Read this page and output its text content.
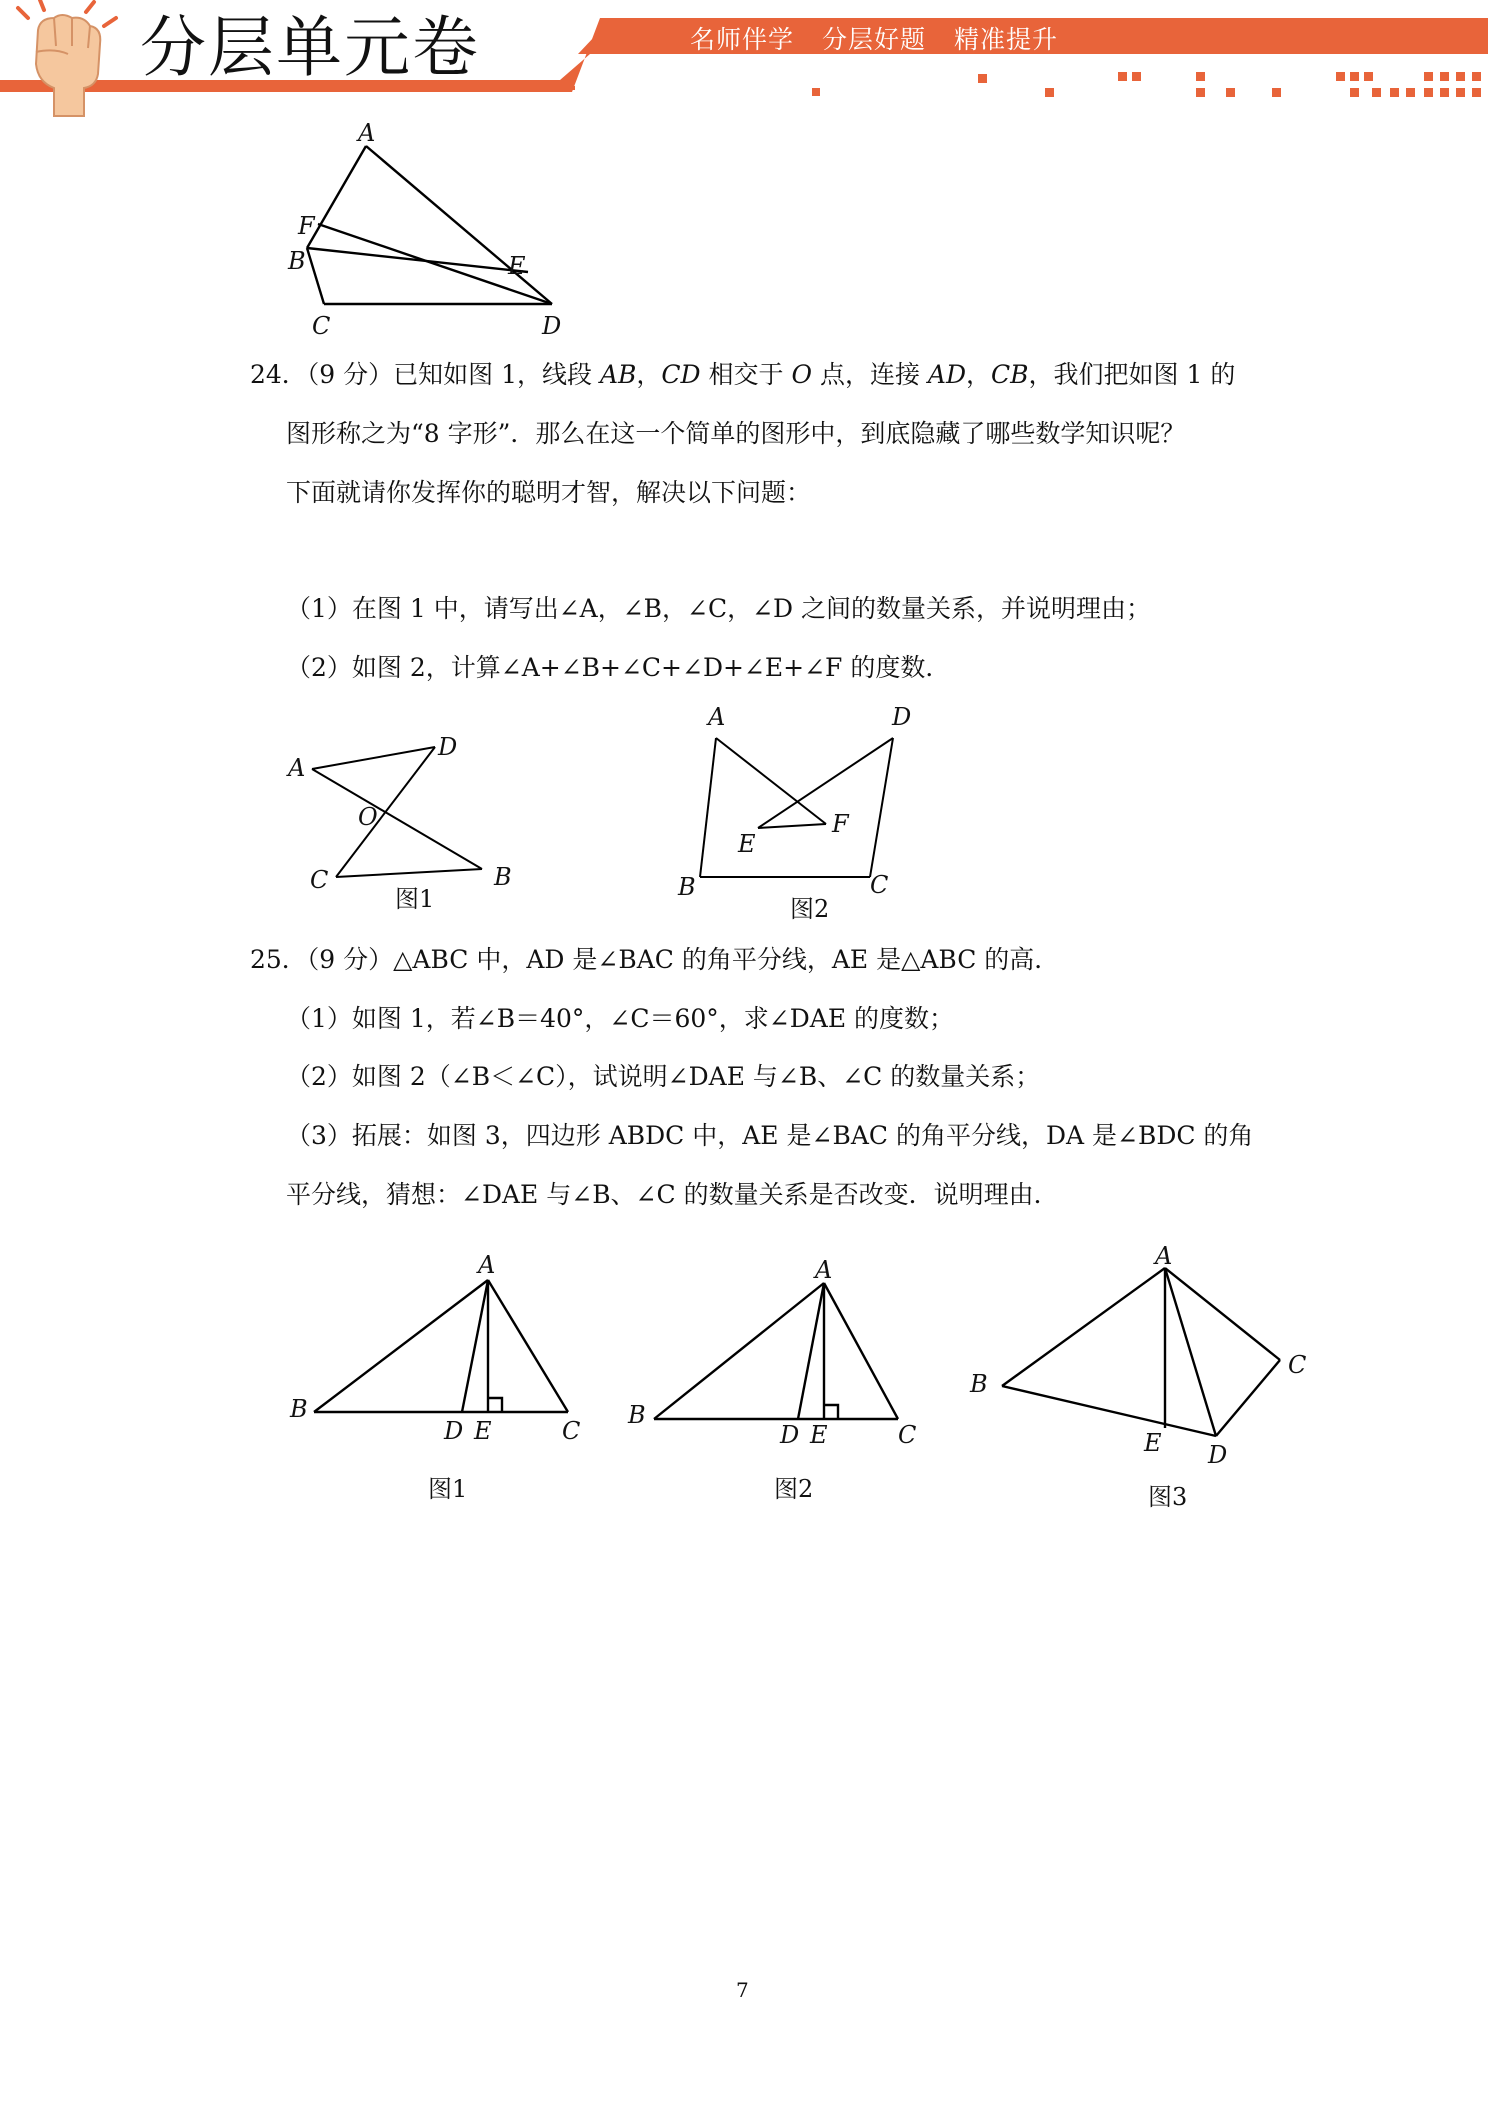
分层单元卷	名师伴学 分层好题 精准提升
A
F
B	E
C	D
24．（9 分）已知如图 1，线段 AB，CD 相交于 O 点，连接 AD，CB，我们把如图 1 的
图形称之为“8 字形”．那么在这一个简单的图形中，到底隐藏了哪些数学知识呢？
下面就请你发挥你的聪明才智，解决以下问题：
（1）在图 1 中，请写出∠A，∠B，∠C，∠D 之间的数量关系，并说明理由；
（2）如图 2，计算∠A+∠B+∠C+∠D+∠E+∠F 的度数．
A
D
O
C	B
图1
A	D
E
F
B	C
图2
25．（9 分）△ABC 中，AD 是∠BAC 的角平分线，AE 是△ABC 的高．
（1）如图 1，若∠B＝40°，∠C＝60°，求∠DAE 的度数；
（2）如图 2（∠B＜∠C），试说明∠DAE 与∠B、∠C 的数量关系；
（3）拓展：如图 3，四边形 ABDC 中，AE 是∠BAC 的角平分线，DA 是∠BDC 的角
平分线，猜想：∠DAE 与∠B、∠C 的数量关系是否改变．说明理由．
A
B
D E	C
图1
A
B
D E	C
图2
A
B
C
E D
图3
7
